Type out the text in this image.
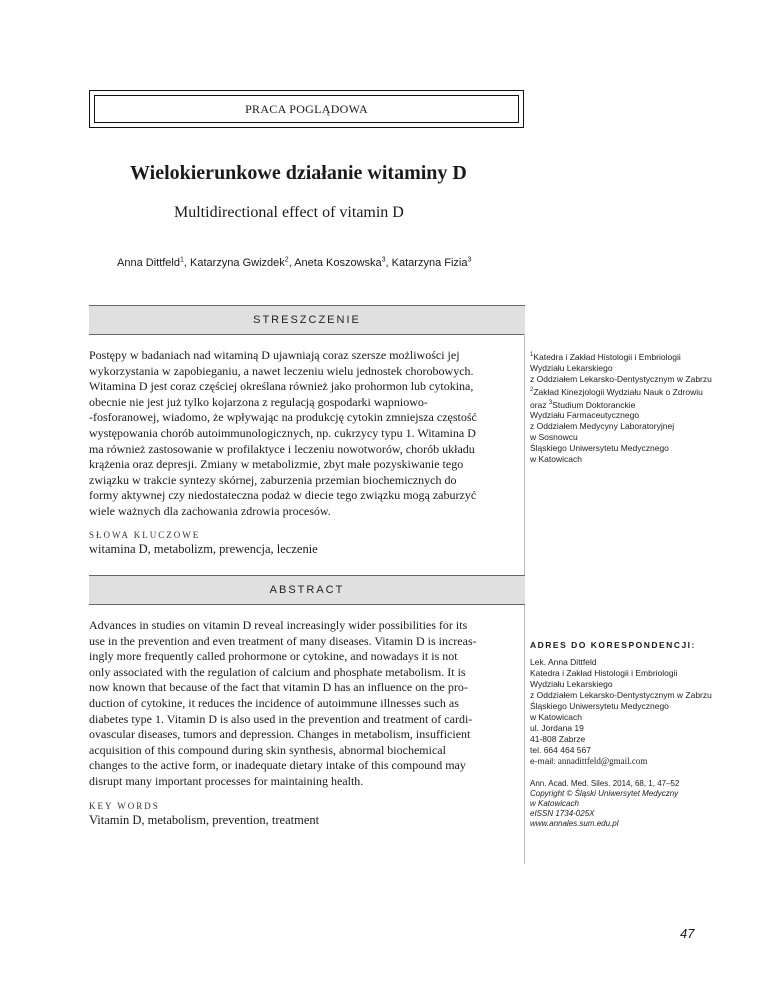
PRACA POGLĄDOWA
Wielokierunkowe działanie witaminy D
Multidirectional effect of vitamin D
Anna Dittfeld$^1$, Katarzyna Gwizdek$^2$, Aneta Koszowska$^3$, Katarzyna Fizia$^3$
STRESZCZENIE
Postępy w badaniach nad witaminą D ujawniają coraz szersze możliwości jej
wykorzystania w zapobieganiu, a nawet leczeniu wielu jednostek chorobowych.
Witamina D jest coraz częściej określana również jako prohormon lub cytokina,
obecnie nie jest już tylko kojarzona z regulacją gospodarki wapniowo-
-fosforanowej, wiadomo, że wpływając na produkcję cytokin zmniejsza częstość
występowania chorób autoimmunologicznych, np. cukrzycy typu 1. Witamina D
ma również zastosowanie w profilaktyce i leczeniu nowotworów, chorób układu
krążenia oraz depresji. Zmiany w metabolizmie, zbyt małe pozyskiwanie tego
związku w trakcie syntezy skórnej, zaburzenia przemian biochemicznych do
formy aktywnej czy niedostateczna podaż w diecie tego związku mogą zaburzyć
wiele ważnych dla zachowania zdrowia procesów.
SŁOWA KLUCZOWE
witamina D, metabolizm, prewencja, leczenie
ABSTRACT
Advances in studies on vitamin D reveal increasingly wider possibilities for its
use in the prevention and even treatment of many diseases. Vitamin D is increas-
ingly more frequently called prohormone or cytokine, and nowadays it is not
only associated with the regulation of calcium and phosphate metabolism. It is
now known that because of the fact that vitamin D has an influence on the pro-
duction of cytokine, it reduces the incidence of autoimmune illnesses such as
diabetes type 1. Vitamin D is also used in the prevention and treatment of cardi-
ovascular diseases, tumors and depression. Changes in metabolism, insufficient
acquisition of this compound during skin synthesis, abnormal biochemical
changes to the active form, or inadequate dietary intake of this compound may
disrupt many important processes for maintaining health.
KEY WORDS
Vitamin D, metabolism, prevention, treatment
$^1$Katedra i Zakład Histologii i Embriologii
Wydziału Lekarskiego
z Oddziałem Lekarsko-Dentystycznym w Zabrzu
$^2$Zakład Kinezjologii Wydziału Nauk o Zdrowiu
oraz $^3$Studium Doktoranckie
Wydziału Farmaceutycznego
z Oddziałem Medycyny Laboratoryjnej
w Sosnowcu
Śląskiego Uniwersytetu Medycznego
w Katowicach
ADRES DO KORESPONDENCJI:
Lek. Anna Dittfeld
Katedra i Zakład Histologii i Embriologii
Wydziału Lekarskiego
z Oddziałem Lekarsko-Dentystycznym w Zabrzu
Śląskiego Uniwersytetu Medycznego
w Katowicach
ul. Jordana 19
41-808 Zabrze
tel. 664 464 567
e-mail: annadittfeld@gmail.com
Ann. Acad. Med. Siles. 2014, 68, 1, 47–52
Copyright © Śląski Uniwersytet Medyczny
w Katowicach
eISSN 1734-025X
www.annales.sum.edu.pl
47
